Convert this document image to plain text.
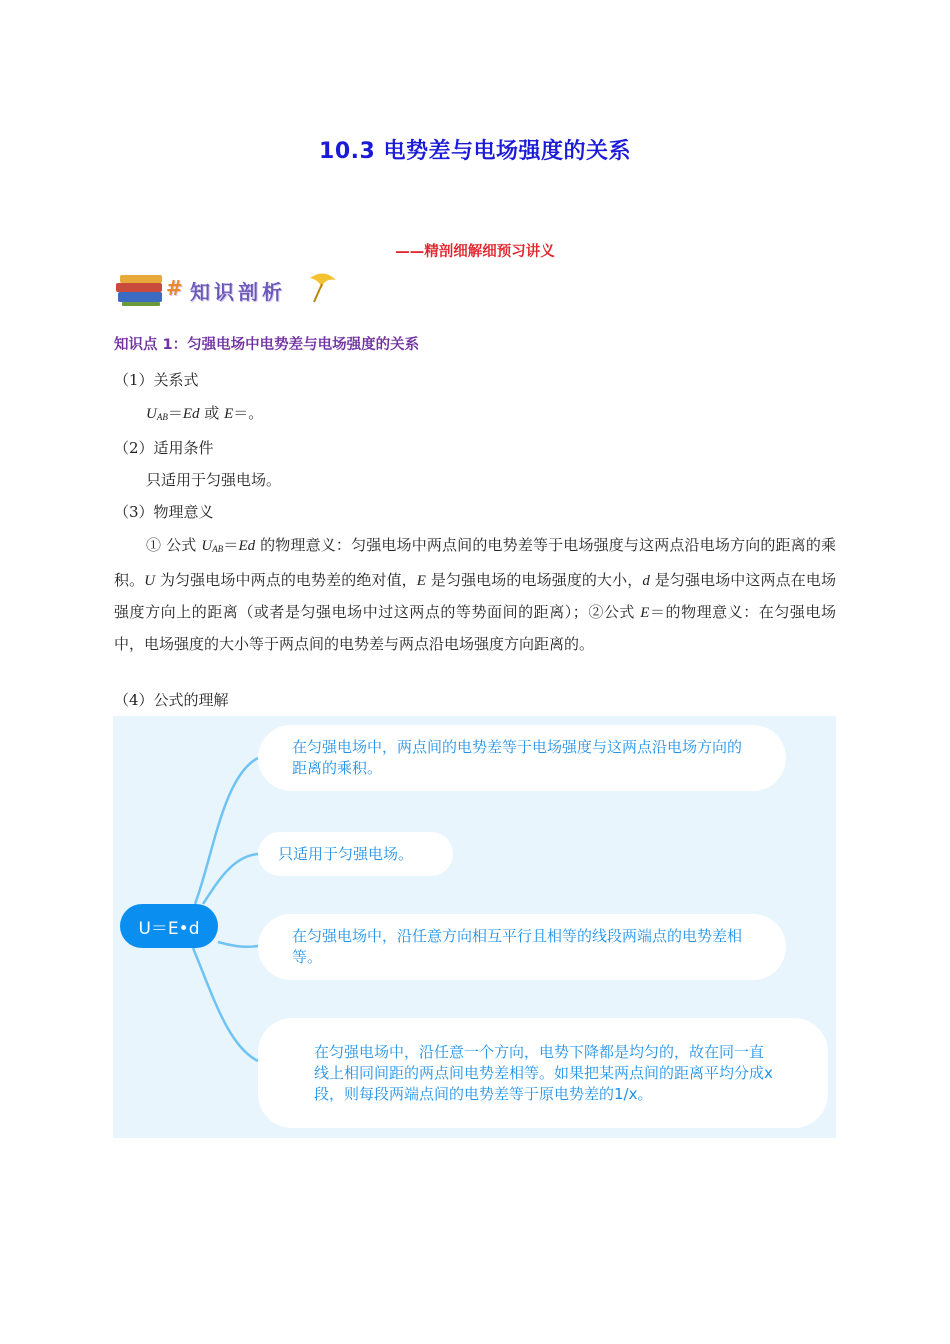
10.3 电势差与电场强度的关系
——精剖细解细预习讲义
# 知识剖析
知识点 1：匀强电场中电势差与电场强度的关系
（1）关系式
$U_{AB}=Ed$ 或 E＝。
（2）适用条件
只适用于匀强电场。
（3）物理意义
① 公式 $U_{AB}=Ed$ 的物理意义：匀强电场中两点间的电势差等于电场强度与这两点沿电场方向的距离的乘积。U 为匀强电场中两点的电势差的绝对值，E 是匀强电场的电场强度的大小，d 是匀强电场中这两点在电场强度方向上的距离（或者是匀强电场中过这两点的等势面间的距离）；②公式 E＝的物理意义：在匀强电场中，电场强度的大小等于两点间的电势差与两点沿电场强度方向距离的。
（4）公式的理解
U＝E•d
在匀强电场中，两点间的电势差等于电场强度与这两点沿电场方向的距离的乘积。
只适用于匀强电场。
在匀强电场中，沿任意方向相互平行且相等的线段两端点的电势差相等。
在匀强电场中，沿任意一个方向，电势下降都是均匀的，故在同一直线上相同间距的两点间电势差相等。如果把某两点间的距离平均分成x段，则每段两端点间的电势差等于原电势差的1/x。
